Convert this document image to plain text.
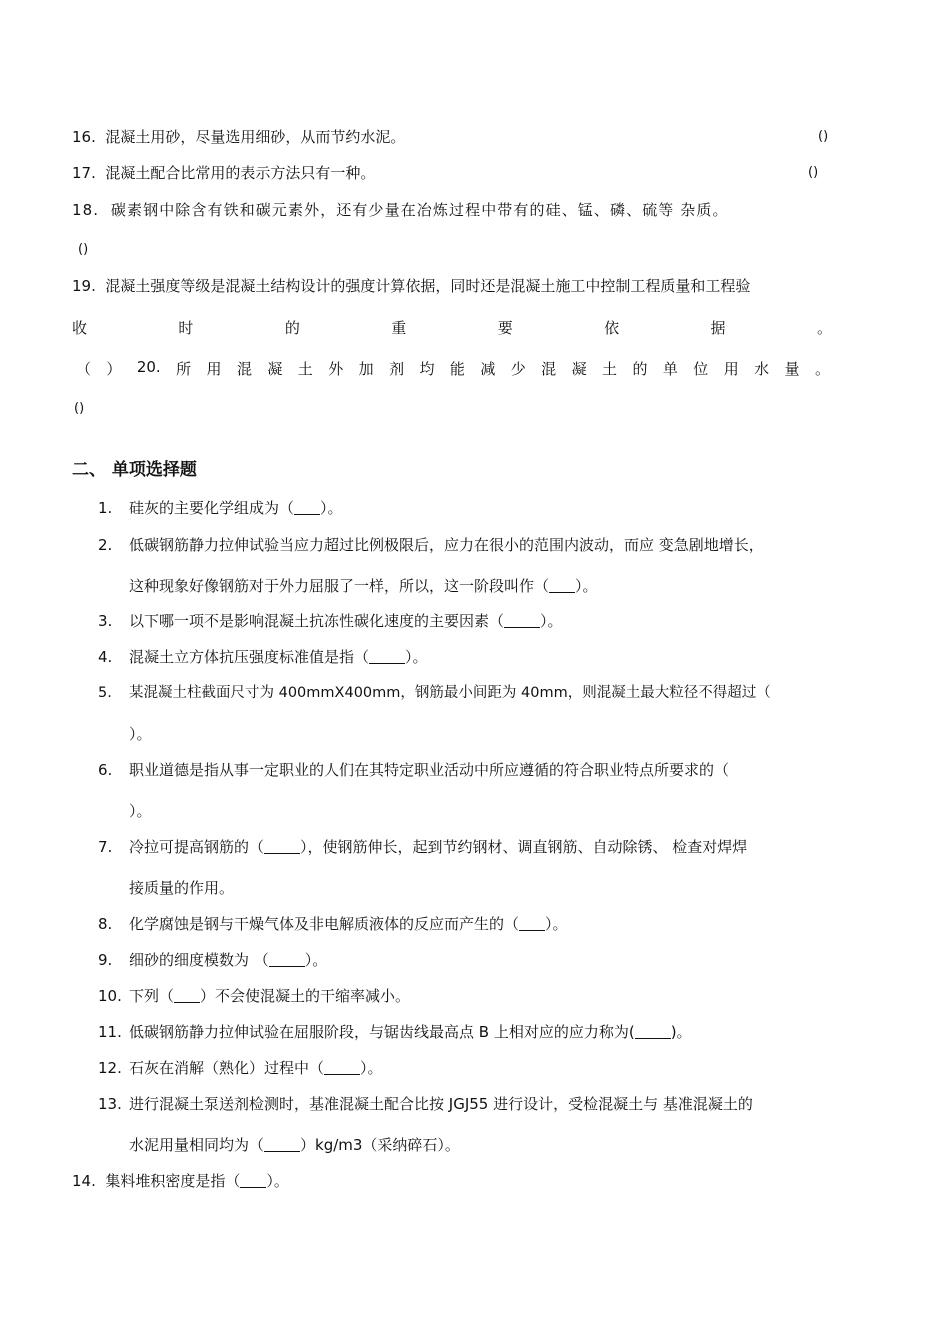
16. 混凝土用砂，尽量选用细砂，从而节约水泥。	()
17. 混凝土配合比常用的表示方法只有一种。	()
18. 碳素钢中除含有铁和碳元素外，还有少量在冶炼过程中带有的硅、锰、磷、硫等 杂质。
()
19. 混凝土强度等级是混凝土结构设计的强度计算依据，同时还是混凝土施工中控制工程质量和工程验
收	时	的	重	要	依	据	。
（ ） 20. 所 用 混 凝 土 外 加 剂 均 能 减 少 混 凝 土 的 单 位 用 水 量 。
()
二、 单项选择题
1. 硅灰的主要化学组成为（ ）。
2. 低碳钢筋静力拉伸试验当应力超过比例极限后，应力在很小的范围内波动，而应 变急剧地增长，
这种现象好像钢筋对于外力屈服了一样，所以，这一阶段叫作（ ）。
3. 以下哪一项不是影响混凝土抗冻性碳化速度的主要因素（ ）。
4. 混凝土立方体抗压强度标准值是指（ ）。
5. 某混凝土柱截面尺寸为 400mmX400mm，钢筋最小间距为 40mm，则混凝土最大粒径不得超过（
）。
6. 职业道德是指从事一定职业的人们在其特定职业活动中所应遵循的符合职业特点所要求的（
）。
7. 冷拉可提高钢筋的（ ），使钢筋伸长，起到节约钢材、调直钢筋、自动除锈、 检查对焊焊
接质量的作用。
8. 化学腐蚀是钢与干燥气体及非电解质液体的反应而产生的（ ）。
9. 细砂的细度模数为 （ ）。
10. 下列（ ）不会使混凝土的干缩率减小。
11. 低碳钢筋静力拉伸试验在屈服阶段，与锯齿线最高点 B 上相对应的应力称为( )。
12. 石灰在消解（熟化）过程中（ ）。
13. 进行混凝土泵送剂检测时，基准混凝土配合比按 JGJ55 进行设计，受检混凝土与 基准混凝土的
水泥用量相同均为（ ）kg/m3（采纳碎石）。
14. 集料堆积密度是指（ ）。
